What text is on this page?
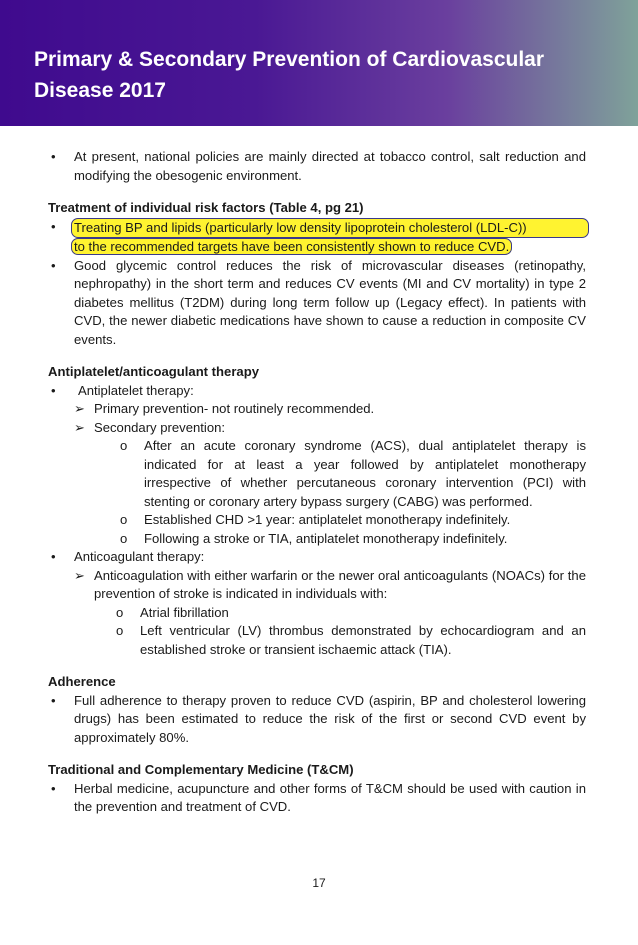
Primary & Secondary Prevention of Cardiovascular
Disease 2017
•	At present, national policies are mainly directed at tobacco control, salt reduction and modifying the obesogenic environment.
Treatment of individual risk factors (Table 4, pg 21)
•	Treating BP and lipids (particularly low density lipoprotein cholesterol (LDL-C))
to the recommended targets have been consistently shown to reduce CVD.
•	Good glycemic control reduces the risk of microvascular diseases (retinopathy, nephropathy) in the short term and reduces CV events (MI and CV mortality) in type 2 diabetes mellitus (T2DM) during long term follow up (Legacy effect). In patients with CVD, the newer diabetic medications have shown to cause a reduction in composite CV events.
Antiplatelet/anticoagulant therapy
•	Antiplatelet therapy:
➢ Primary prevention- not routinely recommended.
➢ Secondary prevention:
o	After an acute coronary syndrome (ACS), dual antiplatelet therapy is indicated for at least a year followed by antiplatelet monotherapy irrespective of whether percutaneous coronary intervention (PCI) with stenting or coronary artery bypass surgery (CABG) was performed.
o	Established CHD >1 year: antiplatelet monotherapy indefinitely.
o	Following a stroke or TIA, antiplatelet monotherapy indefinitely.
•	Anticoagulant therapy:
➢ Anticoagulation with either warfarin or the newer oral anticoagulants (NOACs) for the prevention of stroke is indicated in individuals with:
o	Atrial fibrillation
o	Left ventricular (LV) thrombus demonstrated by echocardiogram and an established stroke or transient ischaemic attack (TIA).
Adherence
•	Full adherence to therapy proven to reduce CVD (aspirin, BP and cholesterol lowering drugs) has been estimated to reduce the risk of the first or second CVD event by approximately 80%.
Traditional and Complementary Medicine (T&CM)
•	Herbal medicine, acupuncture and other forms of T&CM should be used with caution in the prevention and treatment of CVD.
17
